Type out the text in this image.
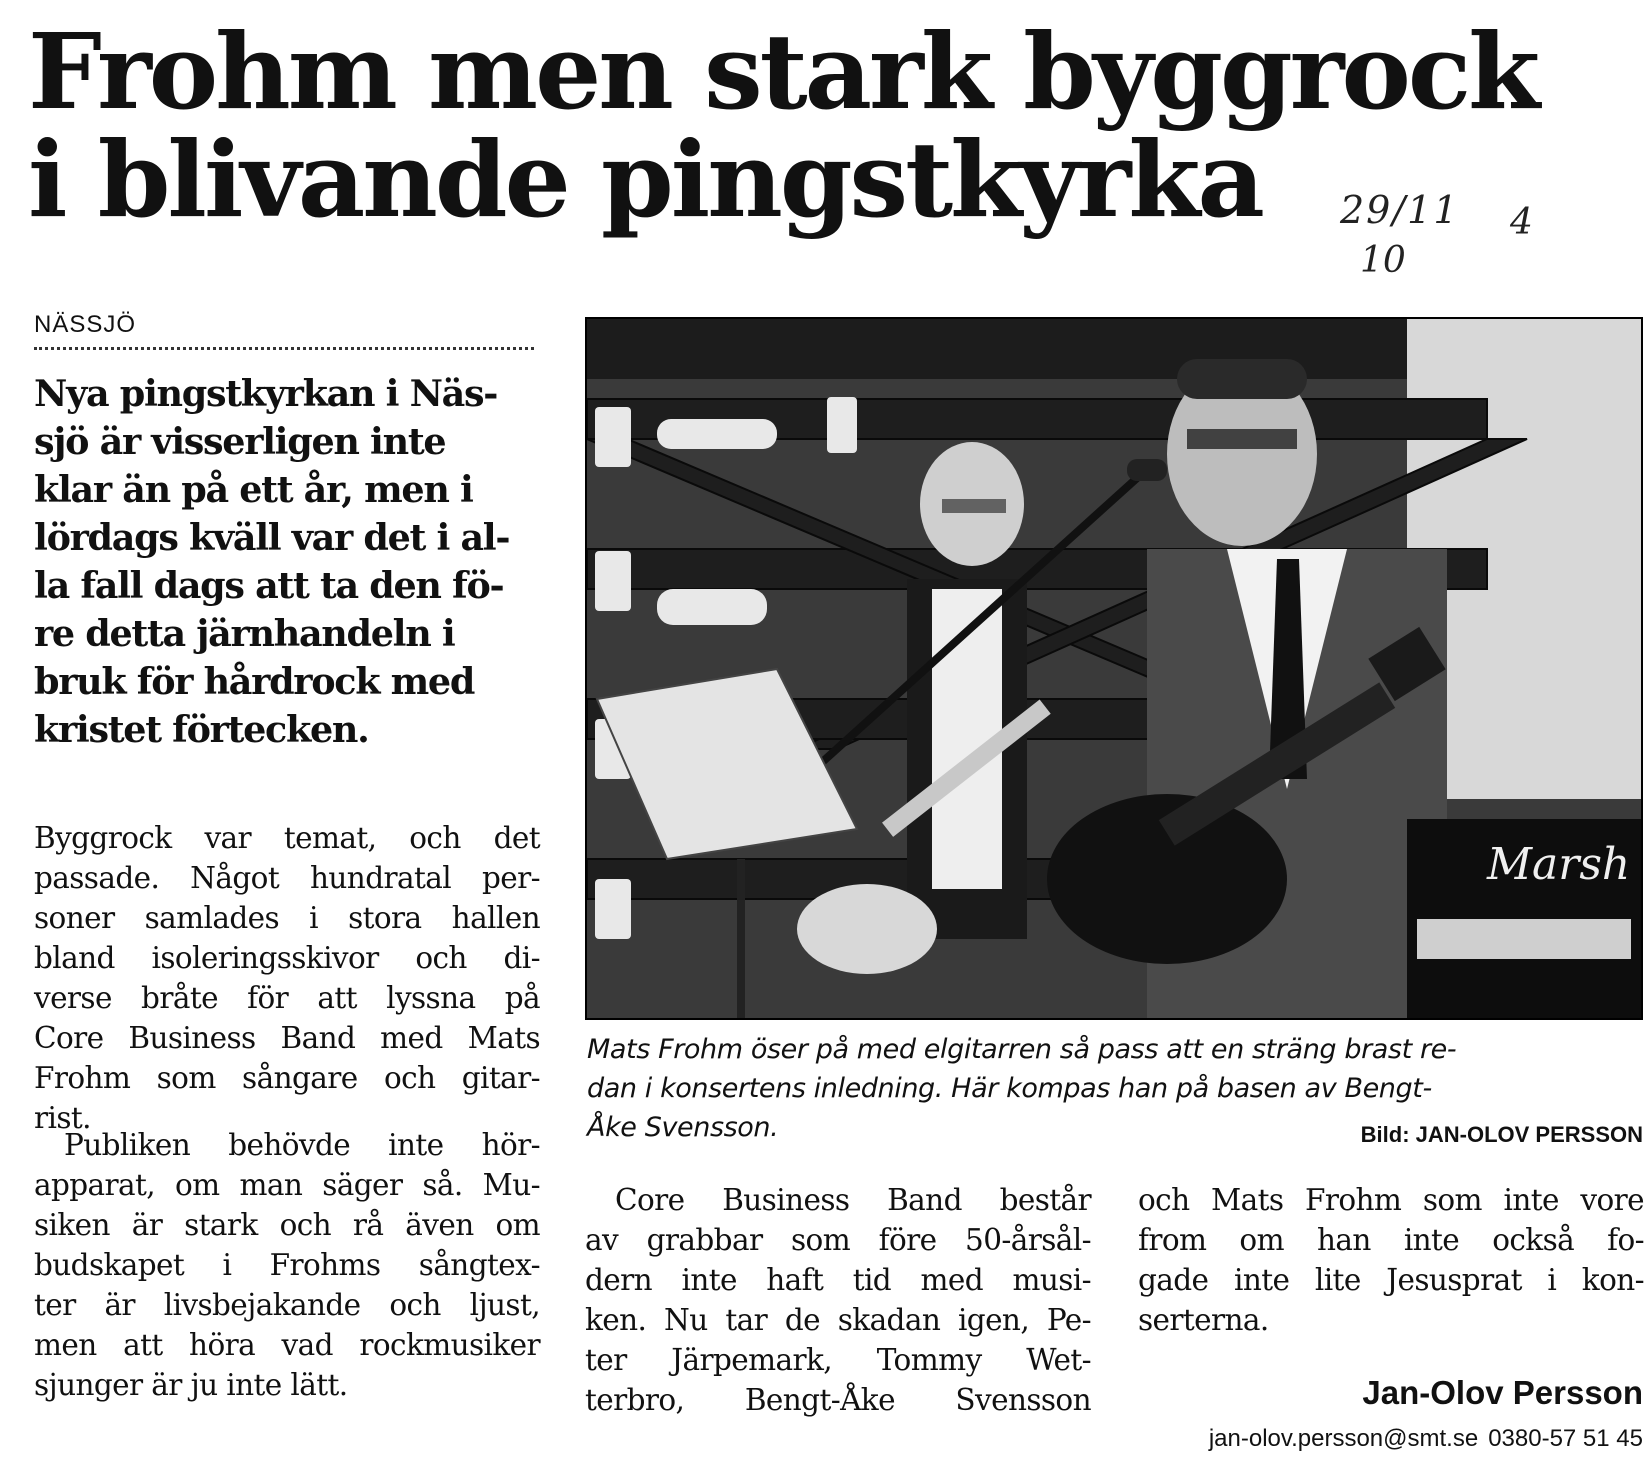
Frohm men stark byggrock
i blivande pingstkyrka	29/11 4
10
NÄSSJÖ

Nya pingstkyrkan i Näs-
sjö är visserligen inte
klar än på ett år, men i
lördags kväll var det i al-
la fall dags att ta den fö-
re detta järnhandeln i
bruk för hårdrock med
kristet förtecken.

Byggrock var temat, och det
passade. Något hundratal per-
soner samlades i stora hallen
bland isoleringsskivor och di-
verse bråte för att lyssna på
Core Business Band med Mats
Frohm som sångare och gitar-
rist.
Publiken behövde inte hör-
apparat, om man säger så. Mu-
siken är stark och rå även om
budskapet i Frohms sångtex-
ter är livsbejakande och ljust,
men att höra vad rockmusiker
sjunger är ju inte lätt.
Marsh
Mats Frohm öser på med elgitarren så pass att en sträng brast re-
dan i konsertens inledning. Här kompas han på basen av Bengt-
Åke Svensson.	Bild: JAN-OLOV PERSSON
Core Business Band består
av grabbar som före 50-årsål-
dern inte haft tid med musi-
ken. Nu tar de skadan igen, Pe-
ter Järpemark, Tommy Wet-
terbro, Bengt-Åke Svensson
och Mats Frohm som inte vore
from om han inte också fo-
gade inte lite Jesusprat i kon-
serterna.
Jan-Olov Persson
jan-olov.persson@smt.se 0380-57 51 45
